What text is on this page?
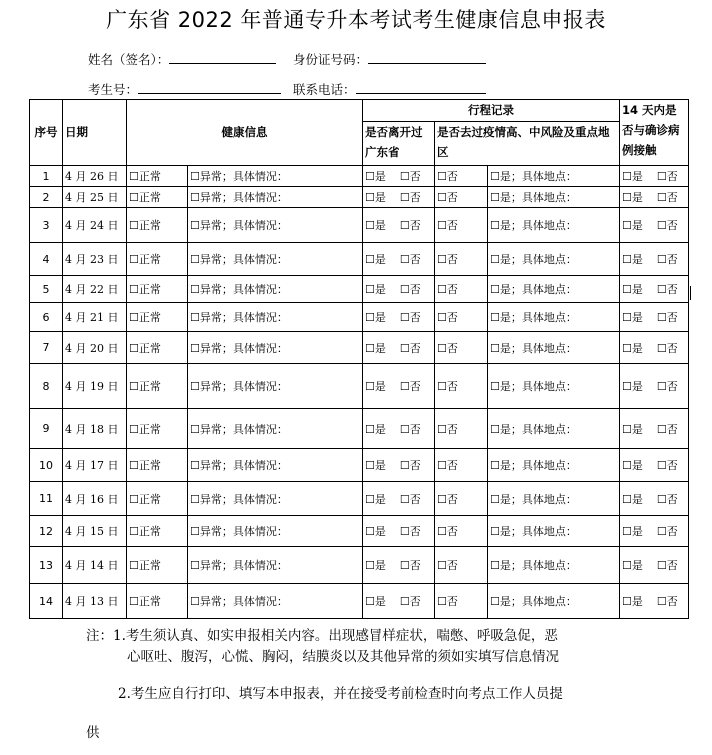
广东省 2022 年普通专升本考试考生健康信息申报表
姓名（签名）：	身份证号码：
考生号：	联系电话：
序号	日期	健康信息		行程记录			14 天内是否与确诊病例接触
				是否离开过广东省	是否去过疫情高、中风险及重点地区		
1	4 月 26 日	☐正常	☐异常；具体情况：	☐是 ☐否	☐否	☐是；具体地点：	☐是 ☐否
2	4 月 25 日	☐正常	☐异常；具体情况：	☐是 ☐否	☐否	☐是；具体地点：	☐是 ☐否
3	4 月 24 日	☐正常	☐异常；具体情况：	☐是 ☐否	☐否	☐是；具体地点：	☐是 ☐否
4	4 月 23 日	☐正常	☐异常；具体情况：	☐是 ☐否	☐否	☐是；具体地点：	☐是 ☐否
5	4 月 22 日	☐正常	☐异常；具体情况：	☐是 ☐否	☐否	☐是；具体地点：	☐是 ☐否
6	4 月 21 日	☐正常	☐异常；具体情况：	☐是 ☐否	☐否	☐是；具体地点：	☐是 ☐否
7	4 月 20 日	☐正常	☐异常；具体情况：	☐是 ☐否	☐否	☐是；具体地点：	☐是 ☐否
8	4 月 19 日	☐正常	☐异常；具体情况：	☐是 ☐否	☐否	☐是；具体地点：	☐是 ☐否
9	4 月 18 日	☐正常	☐异常；具体情况：	☐是 ☐否	☐否	☐是；具体地点：	☐是 ☐否
10	4 月 17 日	☐正常	☐异常；具体情况：	☐是 ☐否	☐否	☐是；具体地点：	☐是 ☐否
11	4 月 16 日	☐正常	☐异常；具体情况：	☐是 ☐否	☐否	☐是；具体地点：	☐是 ☐否
12	4 月 15 日	☐正常	☐异常；具体情况：	☐是 ☐否	☐否	☐是；具体地点：	☐是 ☐否
13	4 月 14 日	☐正常	☐异常；具体情况：	☐是 ☐否	☐否	☐是；具体地点：	☐是 ☐否
14	4 月 13 日	☐正常	☐异常；具体情况：	☐是 ☐否	☐否	☐是；具体地点：	☐是 ☐否

注：1.考生须认真、如实申报相关内容。出现感冒样症状，喘憋、呼吸急促，恶

心呕吐、腹泻，心慌、胸闷，结膜炎以及其他异常的须如实填写信息情况

2.考生应自行打印、填写本申报表，并在接受考前检查时向考点工作人员提

供
